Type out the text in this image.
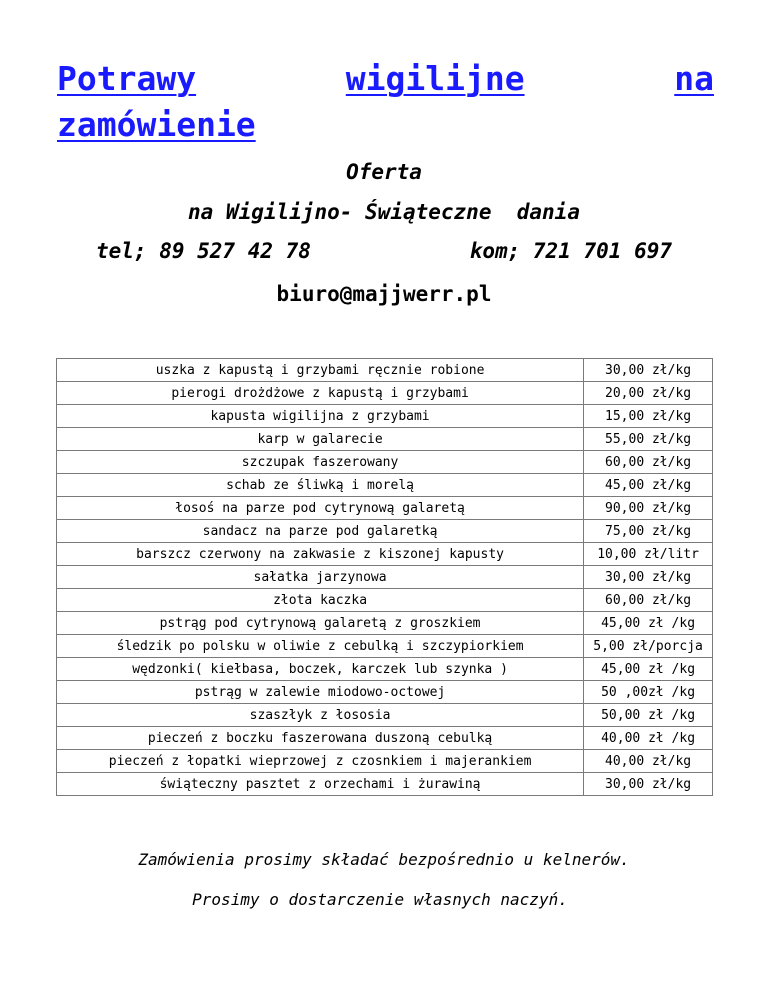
Potrawy	wigilijne	na
zamówienie
Oferta
na Wigilijno- Świąteczne  dania
tel; 89 527 42 78	kom; 721 701 697
biuro@majjwerr.pl
uszka z kapustą i grzybami ręcznie robione	30,00 zł/kg
pierogi drożdżowe z kapustą i grzybami	20,00 zł/kg
kapusta wigilijna z grzybami	15,00 zł/kg
karp w galarecie	55,00 zł/kg
szczupak faszerowany	60,00 zł/kg
schab ze śliwką i morelą	45,00 zł/kg
łosoś na parze pod cytrynową galaretą	90,00 zł/kg
sandacz na parze pod galaretką	75,00 zł/kg
barszcz czerwony na zakwasie z kiszonej kapusty	10,00 zł/litr
sałatka jarzynowa	30,00 zł/kg
złota kaczka	60,00 zł/kg
pstrąg pod cytrynową galaretą z groszkiem	45,00 zł /kg
śledzik po polsku w oliwie z cebulką i szczypiorkiem	5,00 zł/porcja
wędzonki( kiełbasa, boczek, karczek lub szynka )	45,00 zł /kg
pstrąg w zalewie miodowo-octowej	50 ,00zł /kg
szaszłyk z łososia	50,00 zł /kg
pieczeń z boczku faszerowana duszoną cebulką	40,00 zł /kg
pieczeń z łopatki wieprzowej z czosnkiem i majerankiem	40,00 zł/kg
świąteczny pasztet z orzechami i żurawiną	30,00 zł/kg
Zamówienia prosimy składać bezpośrednio u kelnerów.
Prosimy o dostarczenie własnych naczyń.
